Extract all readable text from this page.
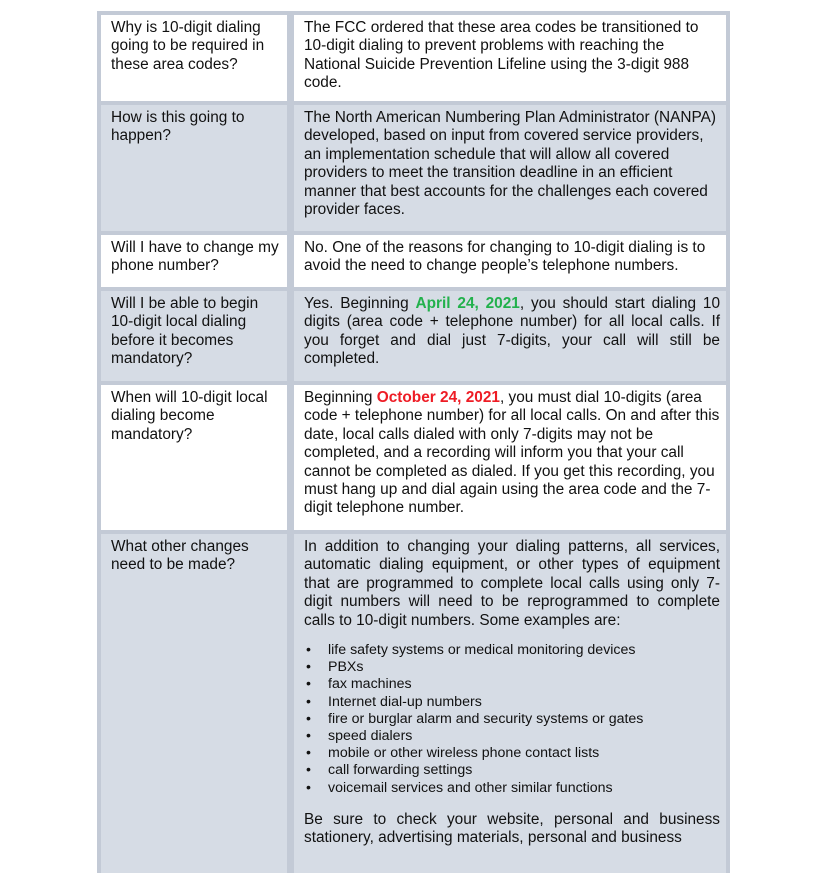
Why is 10-digit dialing going to be required in these area codes?
The FCC ordered that these area codes be transitioned to 10-digit dialing to prevent problems with reaching the National Suicide Prevention Lifeline using the 3-digit 988 code.
How is this going to happen?
The North American Numbering Plan Administrator (NANPA) developed, based on input from covered service providers, an implementation schedule that will allow all covered providers to meet the transition deadline in an efficient manner that best accounts for the challenges each covered provider faces.
Will I have to change my phone number?
No. One of the reasons for changing to 10-digit dialing is to avoid the need to change people’s telephone numbers.
Will I be able to begin 10-digit local dialing before it becomes mandatory?
Yes. Beginning April 24, 2021, you should start dialing 10 digits (area code + telephone number) for all local calls. If you forget and dial just 7-digits, your call will still be completed.
When will 10-digit local dialing become mandatory?
Beginning October 24, 2021, you must dial 10-digits (area code + telephone number) for all local calls. On and after this date, local calls dialed with only 7-digits may not be completed, and a recording will inform you that your call cannot be completed as dialed. If you get this recording, you must hang up and dial again using the area code and the 7-digit telephone number.
What other changes need to be made?
In addition to changing your dialing patterns, all services, automatic dialing equipment, or other types of equipment that are programmed to complete local calls using only 7-digit numbers will need to be reprogrammed to complete calls to 10-digit numbers. Some examples are:
• life safety systems or medical monitoring devices
• PBXs
• fax machines
• Internet dial-up numbers
• fire or burglar alarm and security systems or gates
• speed dialers
• mobile or other wireless phone contact lists
• call forwarding settings
• voicemail services and other similar functions
Be sure to check your website, personal and business stationery, advertising materials, personal and business
